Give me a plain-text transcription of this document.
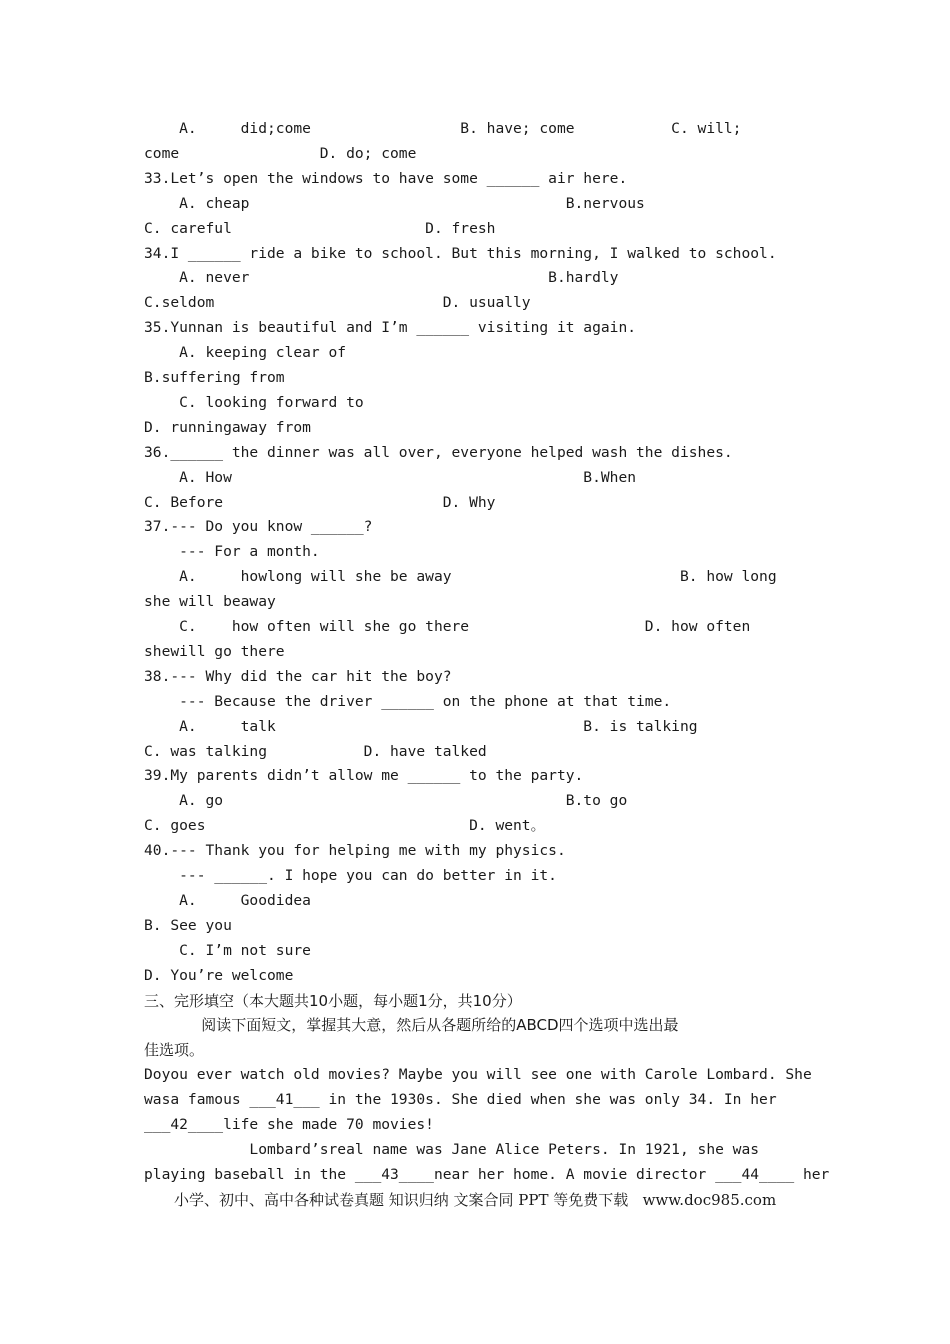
A.     did;come                 B. have; come           C. will;
come                D. do; come
33.Let’s open the windows to have some ______ air here.
A. cheap                                    B.nervous
C. careful                      D. fresh
34.I ______ ride a bike to school. But this morning, I walked to school.
A. never                                  B.hardly
C.seldom                          D. usually
35.Yunnan is beautiful and I’m ______ visiting it again.
A. keeping clear of
B.suffering from
C. looking forward to
D. runningaway from
36.______ the dinner was all over, everyone helped wash the dishes.
A. How                                        B.When
C. Before                         D. Why
37.--- Do you know ______?
--- For a month.
A.     howlong will she be away                          B. how long
she will beaway
C.    how often will she go there                    D. how often
shewill go there
38.--- Why did the car hit the boy?
--- Because the driver ______ on the phone at that time.
A.     talk                                   B. is talking
C. was talking           D. have talked
39.My parents didn’t allow me ______ to the party.
A. go                                       B.to go
C. goes                              D. went。
40.--- Thank you for helping me with my physics.
--- ______. I hope you can do better in it.
A.     Goodidea
B. See you
C. I’m not sure
D. You’re welcome
三、完形填空（本大题共10小题，每小题1分，共10分）
阅读下面短文，掌握其大意，然后从各题所给的ABCD四个选项中选出最
佳选项。
Doyou ever watch old movies? Maybe you will see one with Carole Lombard. She
wasa famous ___41___ in the 1930s. She died when she was only 34. In her
___42____life she made 70 movies!
Lombard’sreal name was Jane Alice Peters. In 1921, she was
playing baseball in the ___43____near her home. A movie director ___44____ her
小学、初中、高中各种试卷真题 知识归纳 文案合同 PPT 等免费下载   www.doc985.com
